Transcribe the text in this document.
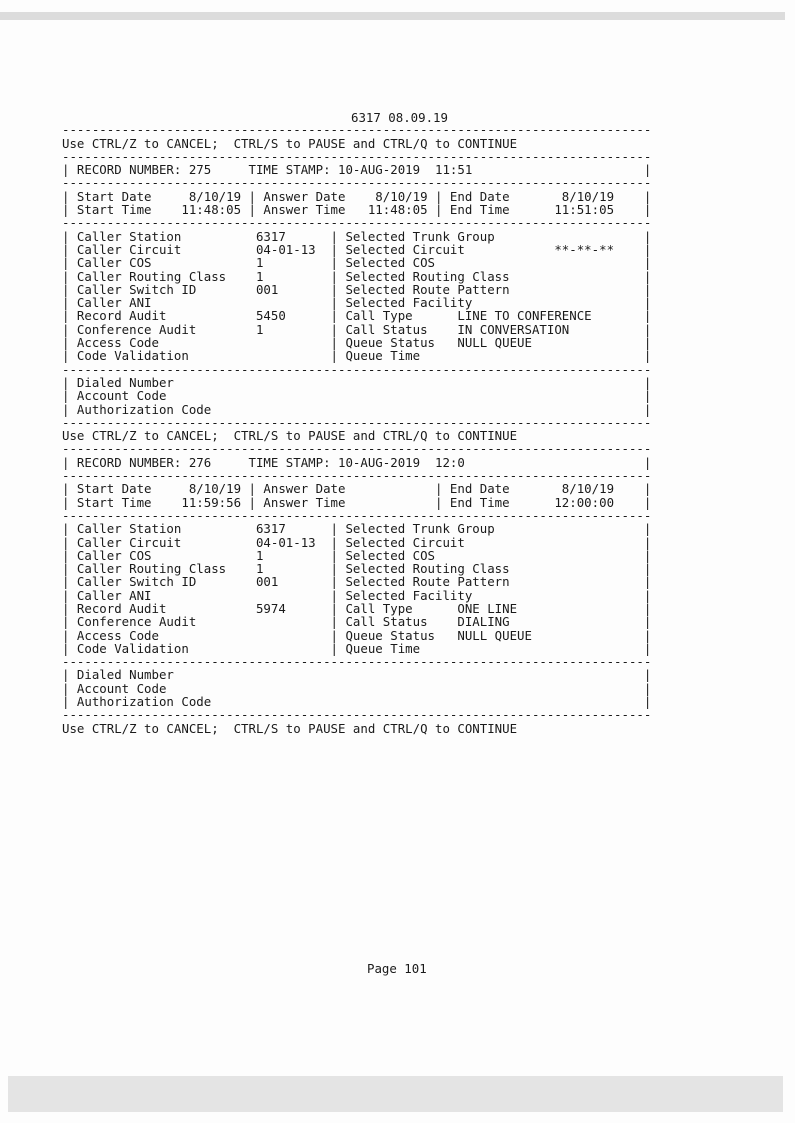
6317 08.09.19

-------------------------------------------------------------------------------
Use CTRL/Z to CANCEL;  CTRL/S to PAUSE and CTRL/Q to CONTINUE
-------------------------------------------------------------------------------
| RECORD NUMBER: 275     TIME STAMP: 10-AUG-2019  11:51                       |
-------------------------------------------------------------------------------
| Start Date     8/10/19 | Answer Date    8/10/19 | End Date       8/10/19    |
| Start Time    11:48:05 | Answer Time   11:48:05 | End Time      11:51:05    |
-------------------------------------------------------------------------------
| Caller Station          6317      | Selected Trunk Group                    |
| Caller Circuit          04-01-13  | Selected Circuit            **-**-**    |
| Caller COS              1         | Selected COS                            |
| Caller Routing Class    1         | Selected Routing Class                  |
| Caller Switch ID        001       | Selected Route Pattern                  |
| Caller ANI                        | Selected Facility                       |
| Record Audit            5450      | Call Type      LINE TO CONFERENCE       |
| Conference Audit        1         | Call Status    IN CONVERSATION          |
| Access Code                       | Queue Status   NULL QUEUE               |
| Code Validation                   | Queue Time                              |
-------------------------------------------------------------------------------
| Dialed Number                                                               |
| Account Code                                                                |
| Authorization Code                                                          |
-------------------------------------------------------------------------------
Use CTRL/Z to CANCEL;  CTRL/S to PAUSE and CTRL/Q to CONTINUE
-------------------------------------------------------------------------------
| RECORD NUMBER: 276     TIME STAMP: 10-AUG-2019  12:0                        |
-------------------------------------------------------------------------------
| Start Date     8/10/19 | Answer Date            | End Date       8/10/19    |
| Start Time    11:59:56 | Answer Time            | End Time      12:00:00    |
-------------------------------------------------------------------------------
| Caller Station          6317      | Selected Trunk Group                    |
| Caller Circuit          04-01-13  | Selected Circuit                        |
| Caller COS              1         | Selected COS                            |
| Caller Routing Class    1         | Selected Routing Class                  |
| Caller Switch ID        001       | Selected Route Pattern                  |
| Caller ANI                        | Selected Facility                       |
| Record Audit            5974      | Call Type      ONE LINE                 |
| Conference Audit                  | Call Status    DIALING                  |
| Access Code                       | Queue Status   NULL QUEUE               |
| Code Validation                   | Queue Time                              |
-------------------------------------------------------------------------------
| Dialed Number                                                               |
| Account Code                                                                |
| Authorization Code                                                          |
-------------------------------------------------------------------------------
Use CTRL/Z to CANCEL;  CTRL/S to PAUSE and CTRL/Q to CONTINUE
Page 101
